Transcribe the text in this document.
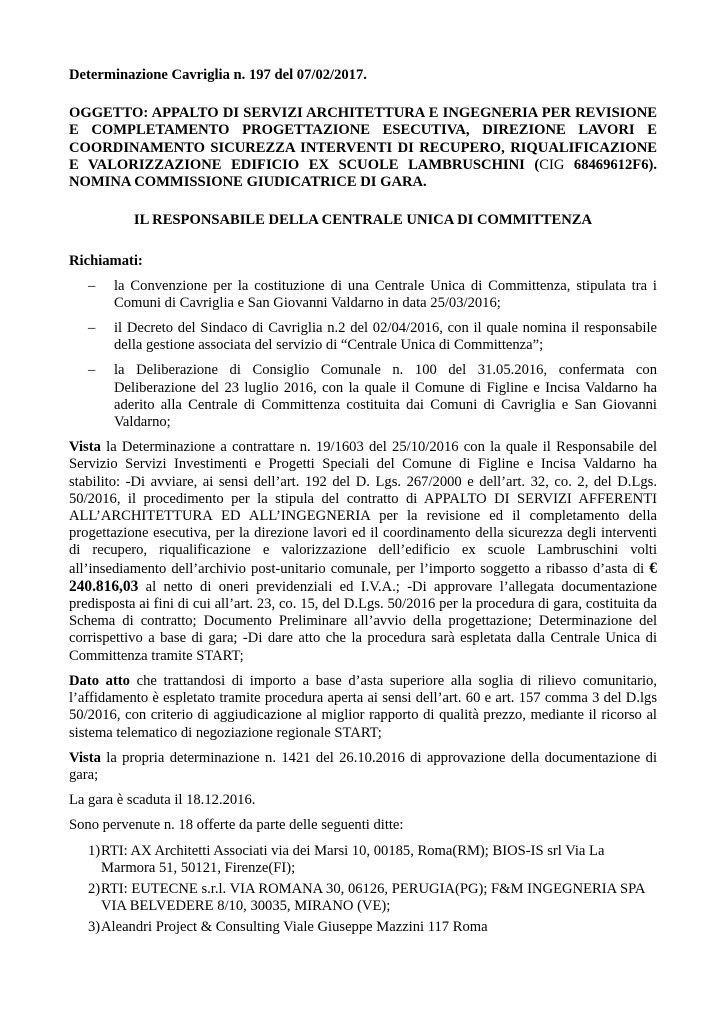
Determinazione Cavriglia n. 197 del 07/02/2017.

OGGETTO: APPALTO DI SERVIZI ARCHITETTURA E INGEGNERIA PER REVISIONE E COMPLETAMENTO PROGETTAZIONE ESECUTIVA, DIREZIONE LAVORI E COORDINAMENTO SICUREZZA INTERVENTI DI RECUPERO, RIQUALIFICAZIONE E VALORIZZAZIONE EDIFICIO EX SCUOLE LAMBRUSCHINI (CIG 68469612F6). NOMINA COMMISSIONE GIUDICATRICE DI GARA.

IL RESPONSABILE DELLA CENTRALE UNICA DI COMMITTENZA

Richiamati:

– la Convenzione per la costituzione di una Centrale Unica di Committenza, stipulata tra i Comuni di Cavriglia e San Giovanni Valdarno in data 25/03/2016;
– il Decreto del Sindaco di Cavriglia n.2 del 02/04/2016, con il quale nomina il responsabile della gestione associata del servizio di “Centrale Unica di Committenza”;
– la Deliberazione di Consiglio Comunale n. 100 del 31.05.2016, confermata con Deliberazione del 23 luglio 2016, con la quale il Comune di Figline e Incisa Valdarno ha aderito alla Centrale di Committenza costituita dai Comuni di Cavriglia e San Giovanni Valdarno;

Vista la Determinazione a contrattare n. 19/1603 del 25/10/2016 con la quale il Responsabile del Servizio Servizi Investimenti e Progetti Speciali del Comune di Figline e Incisa Valdarno ha stabilito: -Di avviare, ai sensi dell’art. 192 del D. Lgs. 267/2000 e dell’art. 32, co. 2, del D.Lgs. 50/2016, il procedimento per la stipula del contratto di APPALTO DI SERVIZI AFFERENTI ALL’ARCHITETTURA ED ALL’INGEGNERIA per la revisione ed il completamento della progettazione esecutiva, per la direzione lavori ed il coordinamento della sicurezza degli interventi di recupero, riqualificazione e valorizzazione dell’edificio ex scuole Lambruschini volti all’insediamento dell’archivio post-unitario comunale, per l’importo soggetto a ribasso d’asta di € 240.816,03 al netto di oneri previdenziali ed I.V.A.; -Di approvare l’allegata documentazione predisposta ai fini di cui all’art. 23, co. 15, del D.Lgs. 50/2016 per la procedura di gara, costituita da Schema di contratto; Documento Preliminare all’avvio della progettazione; Determinazione del corrispettivo a base di gara; -Di dare atto che la procedura sarà espletata dalla Centrale Unica di Committenza tramite START;

Dato atto che trattandosi di importo a base d’asta superiore alla soglia di rilievo comunitario, l’affidamento è espletato tramite procedura aperta ai sensi dell’art. 60 e art. 157 comma 3 del D.lgs 50/2016, con criterio di aggiudicazione al miglior rapporto di qualità prezzo, mediante il ricorso al sistema telematico di negoziazione regionale START;

Vista la propria determinazione n. 1421 del 26.10.2016 di approvazione della documentazione di gara;

La gara è scaduta il 18.12.2016.

Sono pervenute n. 18 offerte da parte delle seguenti ditte:

1) RTI: AX Architetti Associati via dei Marsi 10, 00185, Roma(RM); BIOS-IS srl Via La Marmora 51, 50121, Firenze(FI);
2) RTI: EUTECNE s.r.l. VIA ROMANA 30, 06126, PERUGIA(PG); F&M INGEGNERIA SPA VIA BELVEDERE 8/10, 30035, MIRANO (VE);
3) Aleandri Project & Consulting Viale Giuseppe Mazzini 117 Roma
